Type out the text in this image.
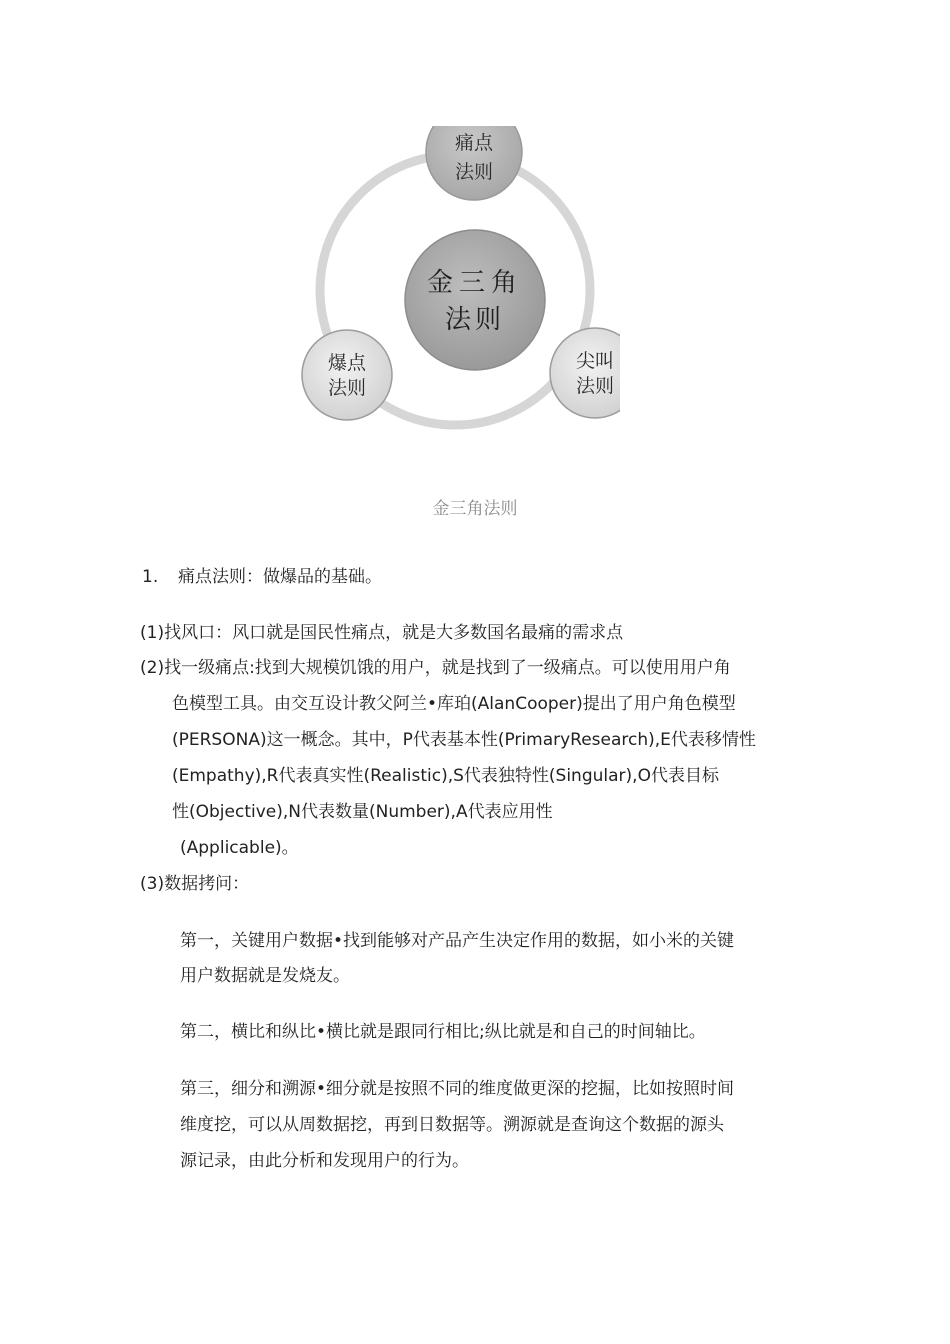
痛点
法则
金三角
法则
爆点
法则
尖叫
法则
金三角法则
1. 痛点法则：做爆品的基础。
(1)找风口：风口就是国民性痛点，就是大多数国名最痛的需求点
(2)找一级痛点:找到大规模饥饿的用户，就是找到了一级痛点。可以使用用户角
色模型工具。由交互设计教父阿兰•库珀(AlanCooper)提出了用户角色模型
(PERSONA)这一概念。其中，P代表基本性(PrimaryResearch),E代表移情性
(Empathy),R代表真实性(Realistic),S代表独特性(Singular),O代表目标
性(Objective),N代表数量(Number),A代表应用性
(Applicable)。
(3)数据拷问：
第一，关键用户数据•找到能够对产品产生决定作用的数据，如小米的关键
用户数据就是发烧友。
第二，横比和纵比•横比就是跟同行相比;纵比就是和自己的时间轴比。
第三，细分和溯源•细分就是按照不同的维度做更深的挖掘，比如按照时间
维度挖，可以从周数据挖，再到日数据等。溯源就是查询这个数据的源头
源记录，由此分析和发现用户的行为。
